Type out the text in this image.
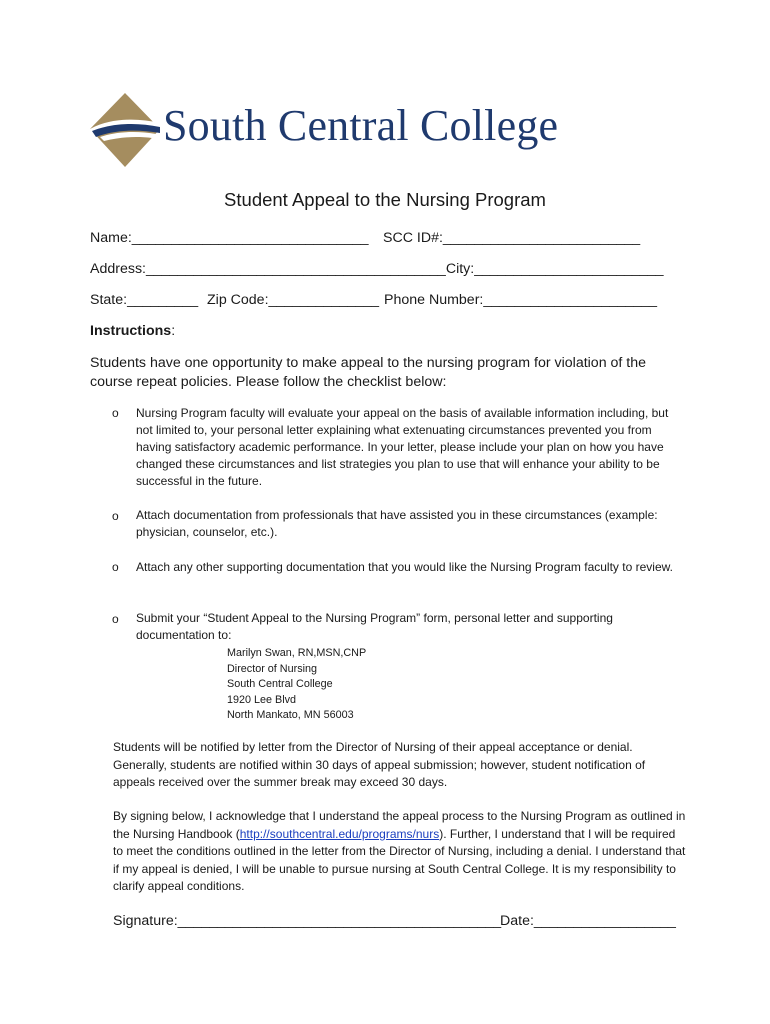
South Central College
Student Appeal to the Nursing Program
Name:______________________________ SCC ID#:_________________________
Address:______________________________________City:________________________
State:_________ Zip Code:______________ Phone Number:______________________
Instructions:
Students have one opportunity to make appeal to the nursing program for violation of the course repeat policies. Please follow the checklist below:
o Nursing Program faculty will evaluate your appeal on the basis of available information including, but not limited to, your personal letter explaining what extenuating circumstances prevented you from having satisfactory academic performance. In your letter, please include your plan on how you have changed these circumstances and list strategies you plan to use that will enhance your ability to be successful in the future.
o Attach documentation from professionals that have assisted you in these circumstances (example: physician, counselor, etc.).
o Attach any other supporting documentation that you would like the Nursing Program faculty to review.
o Submit your “Student Appeal to the Nursing Program” form, personal letter and supporting documentation to:
Marilyn Swan, RN,MSN,CNP
Director of Nursing
South Central College
1920 Lee Blvd
North Mankato, MN 56003
Students will be notified by letter from the Director of Nursing of their appeal acceptance or denial. Generally, students are notified within 30 days of appeal submission; however, student notification of appeals received over the summer break may exceed 30 days.
By signing below, I acknowledge that I understand the appeal process to the Nursing Program as outlined in the Nursing Handbook (http://southcentral.edu/programs/nurs). Further, I understand that I will be required to meet the conditions outlined in the letter from the Director of Nursing, including a denial. I understand that if my appeal is denied, I will be unable to pursue nursing at South Central College. It is my responsibility to clarify appeal conditions.
Signature:_________________________________________
Date:__________________
